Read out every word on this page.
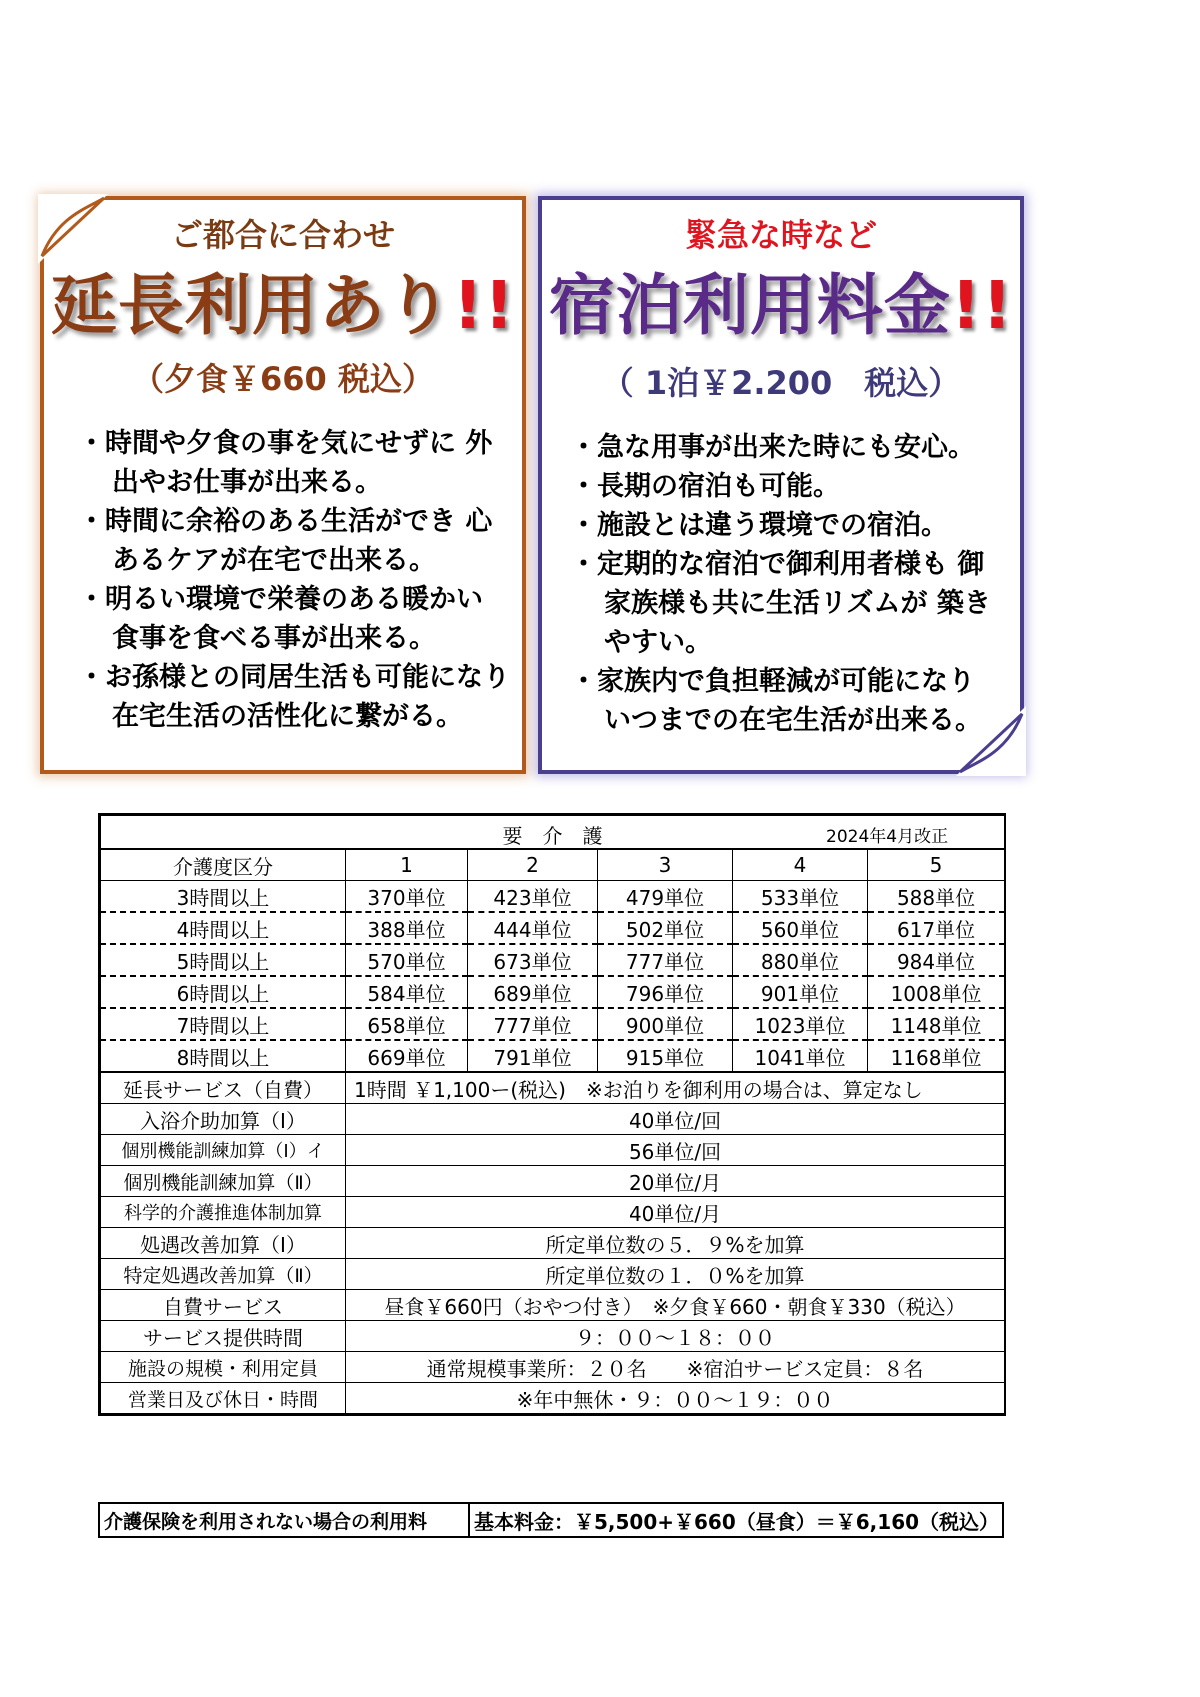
ご都合に合わせ
延長利用あり!!
（夕食￥660 税込）
・時間や夕食の事を気にせずに 外出やお仕事が出来る。
・時間に余裕のある生活ができ 心あるケアが在宅で出来る。
・明るい環境で栄養のある暖かい 食事を食べる事が出来る。
・お孫様との同居生活も可能になり 在宅生活の活性化に繋がる。
緊急な時など
宿泊利用料金!!
（ 1泊￥2.200　税込）
・急な用事が出来た時にも安心。
・長期の宿泊も可能。
・施設とは違う環境での宿泊。
・定期的な宿泊で御利用者様も 御家族様も共に生活リズムが 築きやすい。
・家族内で負担軽減が可能になり いつまでの在宅生活が出来る。
要　介　護 2024年4月改正					

介護度区分	1	2	3	4	5
3時間以上	370単位	423単位	479単位	533単位	588単位
4時間以上	388単位	444単位	502単位	560単位	617単位
5時間以上	570単位	673単位	777単位	880単位	984単位
6時間以上	584単位	689単位	796単位	901単位	1008単位
7時間以上	658単位	777単位	900単位	1023単位	1148単位
8時間以上	669単位	791単位	915単位	1041単位	1168単位
延長サービス（自費）	1時間 ￥1,100ー(税込)　※お泊りを御利用の場合は、算定なし				
入浴介助加算（Ⅰ）	40単位/回				
個別機能訓練加算（Ⅰ）イ	56単位/回				
個別機能訓練加算（Ⅱ）	20単位/月				
科学的介護推進体制加算	40単位/月				
処遇改善加算（Ⅰ）	所定単位数の５．９%を加算				
特定処遇改善加算（Ⅱ）	所定単位数の１．０%を加算				
自費サービス	昼食￥660円（おやつ付き）　※夕食￥660・朝食￥330（税込）				
サービス提供時間	９：００～１８：００				
施設の規模・利用定員	通常規模事業所：２０名　　※宿泊サービス定員：８名				
営業日及び休日・時間	※年中無休・９：００～１９：００				
介護保険を利用されない場合の利用料	基本料金：￥5,500+￥660（昼食）＝￥6,160（税込）
